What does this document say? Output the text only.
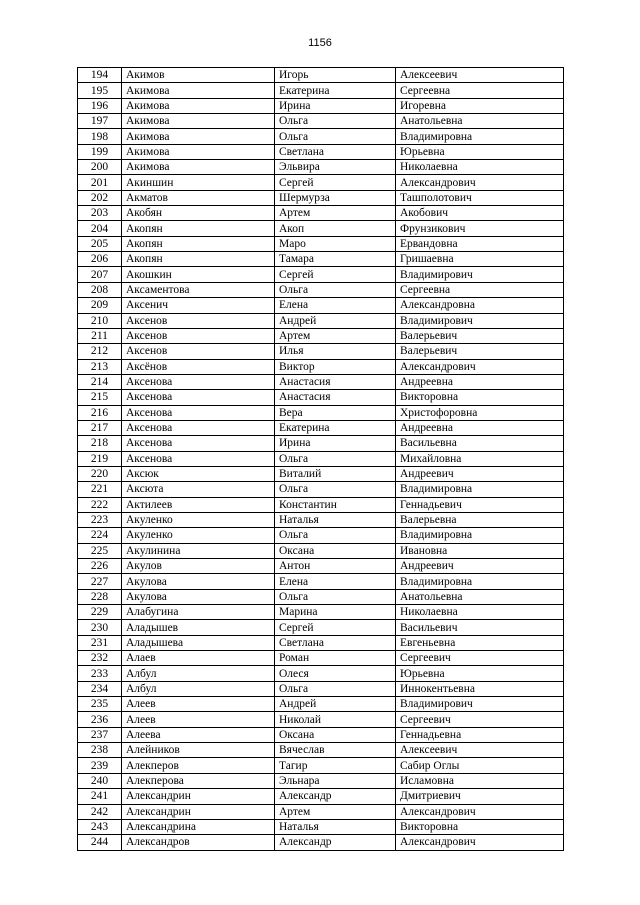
1156
194	Акимов	Игорь	Алексеевич
195	Акимова	Екатерина	Сергеевна
196	Акимова	Ирина	Игоревна
197	Акимова	Ольга	Анатольевна
198	Акимова	Ольга	Владимировна
199	Акимова	Светлана	Юрьевна
200	Акимова	Эльвира	Николаевна
201	Акиншин	Сергей	Александрович
202	Акматов	Шермурза	Ташполотович
203	Акобян	Артем	Акобович
204	Акопян	Акоп	Фрунзикович
205	Акопян	Маро	Ервандовна
206	Акопян	Тамара	Гришаевна
207	Акошкин	Сергей	Владимирович
208	Аксаментова	Ольга	Сергеевна
209	Аксенич	Елена	Александровна
210	Аксенов	Андрей	Владимирович
211	Аксенов	Артем	Валерьевич
212	Аксенов	Илья	Валерьевич
213	Аксёнов	Виктор	Александрович
214	Аксенова	Анастасия	Андреевна
215	Аксенова	Анастасия	Викторовна
216	Аксенова	Вера	Христофоровна
217	Аксенова	Екатерина	Андреевна
218	Аксенова	Ирина	Васильевна
219	Аксенова	Ольга	Михайловна
220	Аксюк	Виталий	Андреевич
221	Аксюта	Ольга	Владимировна
222	Актилеев	Константин	Геннадьевич
223	Акуленко	Наталья	Валерьевна
224	Акуленко	Ольга	Владимировна
225	Акулинина	Оксана	Ивановна
226	Акулов	Антон	Андреевич
227	Акулова	Елена	Владимировна
228	Акулова	Ольга	Анатольевна
229	Алабугина	Марина	Николаевна
230	Аладышев	Сергей	Васильевич
231	Аладышева	Светлана	Евгеньевна
232	Алаев	Роман	Сергеевич
233	Албул	Олеся	Юрьевна
234	Албул	Ольга	Иннокентьевна
235	Алеев	Андрей	Владимирович
236	Алеев	Николай	Сергеевич
237	Алеева	Оксана	Геннадьевна
238	Алейников	Вячеслав	Алексеевич
239	Алекперов	Тагир	Сабир Оглы
240	Алекперова	Эльнара	Исламовна
241	Александрин	Александр	Дмитриевич
242	Александрин	Артем	Александрович
243	Александрина	Наталья	Викторовна
244	Александров	Александр	Александрович
